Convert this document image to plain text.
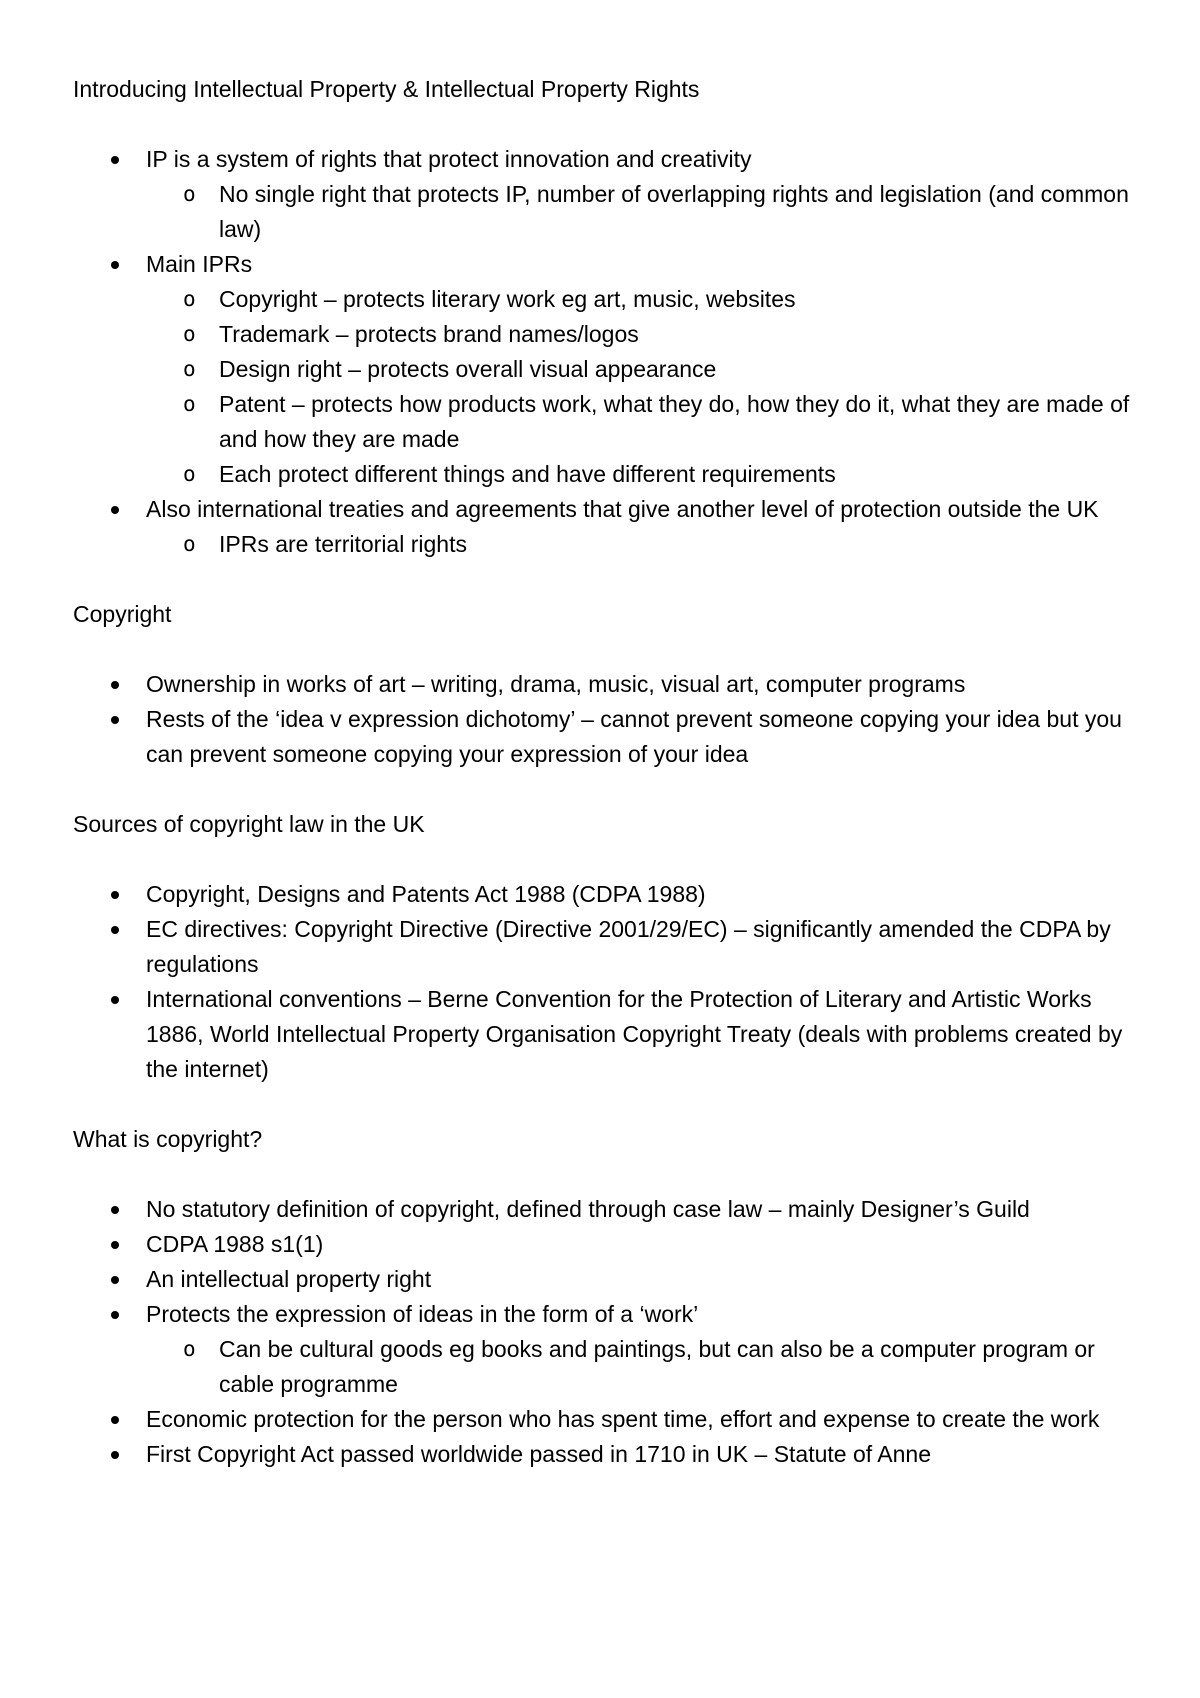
Introducing Intellectual Property & Intellectual Property Rights
IP is a system of rights that protect innovation and creativity
o No single right that protects IP, number of overlapping rights and legislation (and common law)
Main IPRs
o Copyright – protects literary work eg art, music, websites
o Trademark – protects brand names/logos
o Design right – protects overall visual appearance
o Patent – protects how products work, what they do, how they do it, what they are made of and how they are made
o Each protect different things and have different requirements
Also international treaties and agreements that give another level of protection outside the UK
o IPRs are territorial rights
Copyright
Ownership in works of art – writing, drama, music, visual art, computer programs
Rests of the ‘idea v expression dichotomy’ – cannot prevent someone copying your idea but you can prevent someone copying your expression of your idea
Sources of copyright law in the UK
Copyright, Designs and Patents Act 1988 (CDPA 1988)
EC directives: Copyright Directive (Directive 2001/29/EC) – significantly amended the CDPA by regulations
International conventions – Berne Convention for the Protection of Literary and Artistic Works 1886, World Intellectual Property Organisation Copyright Treaty (deals with problems created by the internet)
What is copyright?
No statutory definition of copyright, defined through case law – mainly Designer’s Guild
CDPA 1988 s1(1)
An intellectual property right
Protects the expression of ideas in the form of a ‘work’
o Can be cultural goods eg books and paintings, but can also be a computer program or cable programme
Economic protection for the person who has spent time, effort and expense to create the work
First Copyright Act passed worldwide passed in 1710 in UK – Statute of Anne
